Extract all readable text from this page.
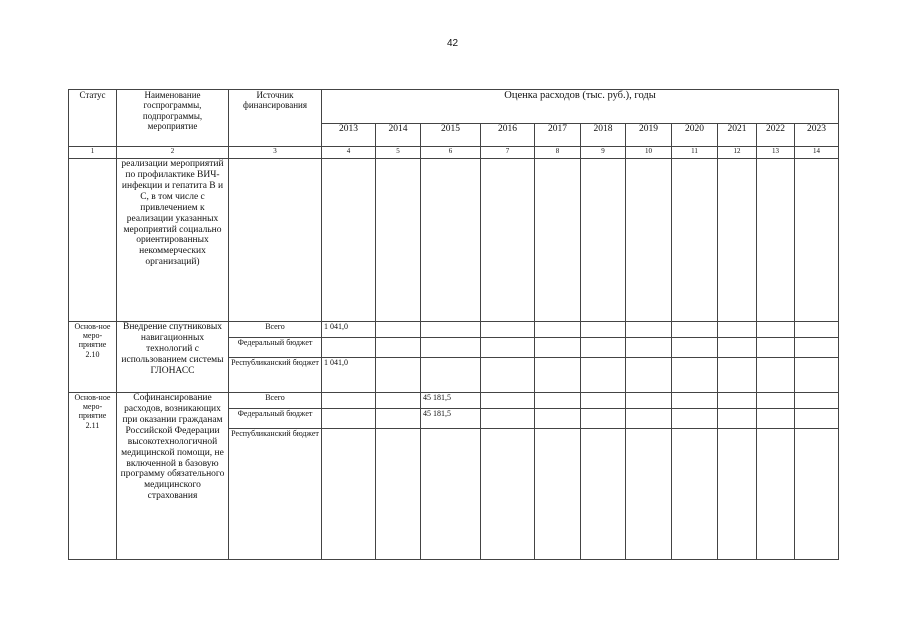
42
Статус	Наименование госпрограммы, подпрограммы, мероприятие	Источник финансирования	Оценка расходов (тыс. руб.), годы										
			2013	2014	2015	2016	2017	2018	2019	2020	2021	2022	2023
1	2	3	4	5	6	7	8	9	10	11	12	13	14
	реализации мероприятий по профилактике ВИЧ-инфекции и гепатита В и С, в том числе с привлечением к реализации указанных мероприятий социально ориентированных некоммерческих организаций)												
Основ-ное меро-приятие 2.10	Внедрение спутниковых навигационных технологий с использованием системы ГЛОНАСС	Всего	1 041,0										
		Федеральный бюджет											
		Республиканский бюджет	1 041,0										
Основ-ное меро-приятие 2.11	Софинансирование расходов, возникающих при оказании гражданам Российской Федерации высокотехнологичной медицинской помощи, не включенной в базовую программу обязательного медицинского страхования	Всего			45 181,5								
		Федеральный бюджет			45 181,5								
		Республиканский бюджет											
